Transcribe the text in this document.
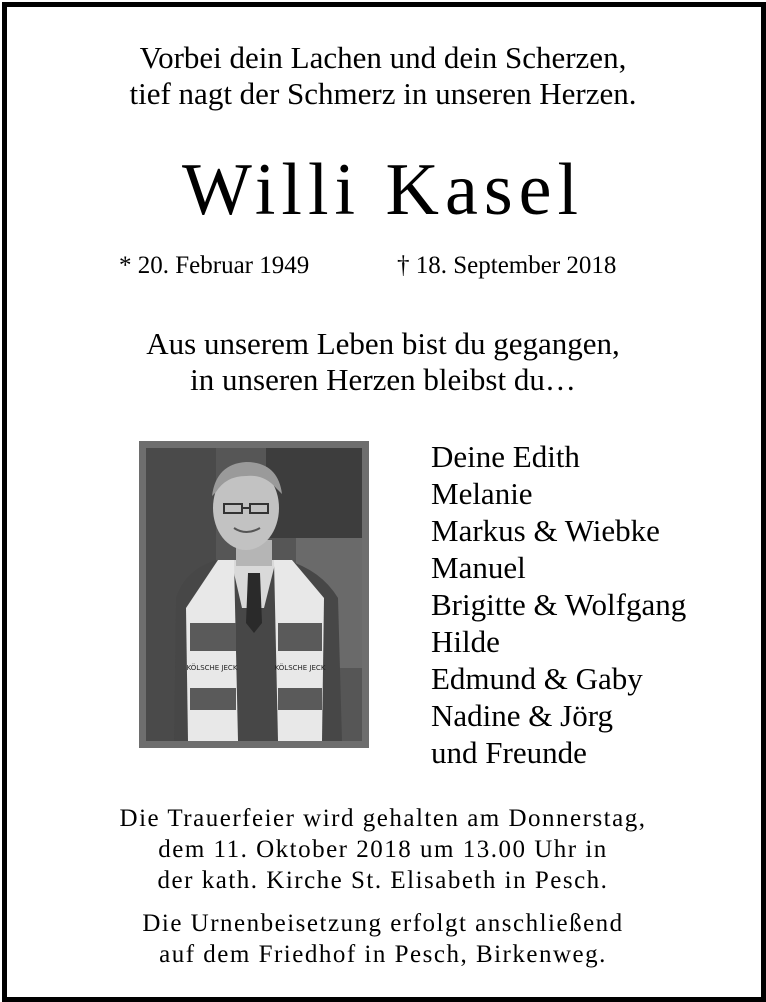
Vorbei dein Lachen und dein Scherzen,
tief nagt der Schmerz in unseren Herzen.
Willi Kasel
* 20. Februar 1949	† 18. September 2018
Aus unserem Leben bist du gegangen,
in unseren Herzen bleibst du…
KÖLSCHE JECK	KÖLSCHE JECK
Deine Edith
Melanie
Markus & Wiebke
Manuel
Brigitte & Wolfgang
Hilde
Edmund & Gaby
Nadine & Jörg
und Freunde
Die Trauerfeier wird gehalten am Donnerstag,
dem 11. Oktober 2018 um 13.00 Uhr in
der kath. Kirche St. Elisabeth in Pesch.
Die Urnenbeisetzung erfolgt anschließend
auf dem Friedhof in Pesch, Birkenweg.
